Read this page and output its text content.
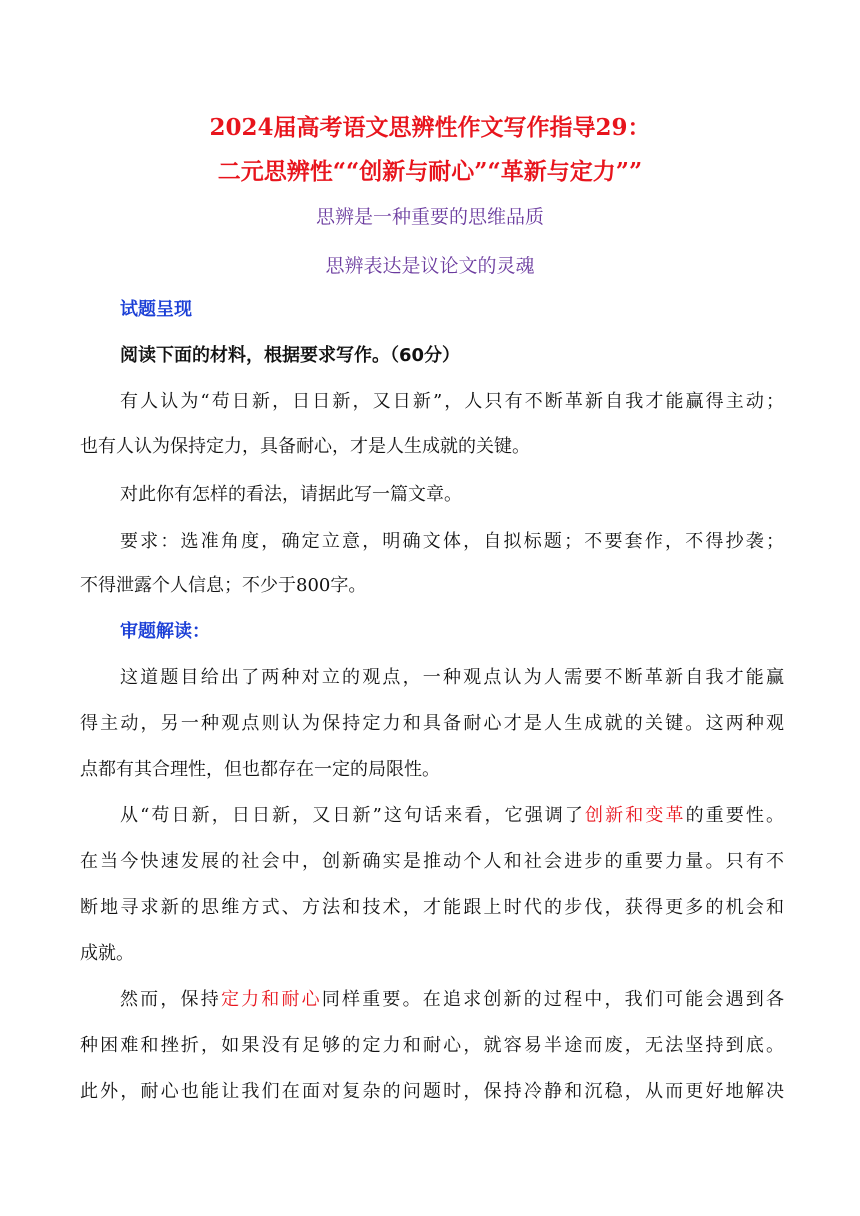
2024届高考语文思辨性作文写作指导29：
二元思辨性““创新与耐心”“革新与定力””
思辨是一种重要的思维品质
思辨表达是议论文的灵魂
试题呈现
阅读下面的材料，根据要求写作。（60分）
有人认为“苟日新，日日新，又日新”，人只有不断革新自我才能赢得主动；
也有人认为保持定力，具备耐心，才是人生成就的关键。
对此你有怎样的看法，请据此写一篇文章。
要求：选准角度，确定立意，明确文体，自拟标题；不要套作，不得抄袭；
不得泄露个人信息；不少于800字。
审题解读：
这道题目给出了两种对立的观点，一种观点认为人需要不断革新自我才能赢
得主动，另一种观点则认为保持定力和具备耐心才是人生成就的关键。这两种观
点都有其合理性，但也都存在一定的局限性。
从“苟日新，日日新，又日新”这句话来看，它强调了创新和变革的重要性。
在当今快速发展的社会中，创新确实是推动个人和社会进步的重要力量。只有不
断地寻求新的思维方式、方法和技术，才能跟上时代的步伐，获得更多的机会和
成就。
然而，保持定力和耐心同样重要。在追求创新的过程中，我们可能会遇到各
种困难和挫折，如果没有足够的定力和耐心，就容易半途而废，无法坚持到底。
此外，耐心也能让我们在面对复杂的问题时，保持冷静和沉稳，从而更好地解决
